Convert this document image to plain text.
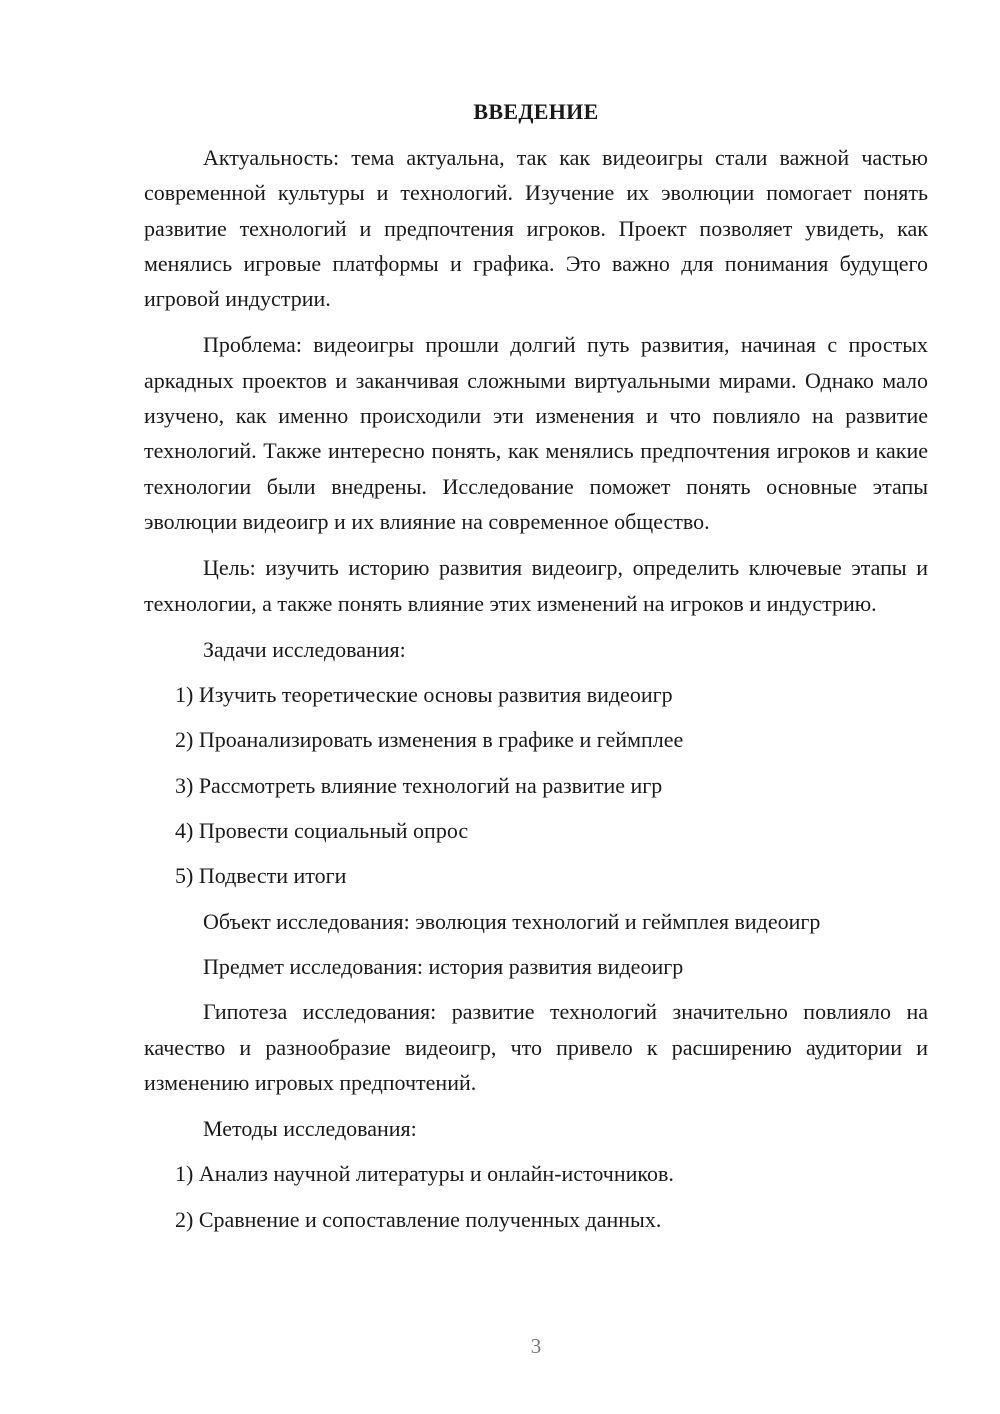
ВВЕДЕНИЕ

Актуальность: тема актуальна, так как видеоигры стали важной частью современной культуры и технологий. Изучение их эволюции помогает понять развитие технологий и предпочтения игроков. Проект позволяет увидеть, как менялись игровые платформы и графика. Это важно для понимания будущего игровой индустрии.

Проблема: видеоигры прошли долгий путь развития, начиная с простых аркадных проектов и заканчивая сложными виртуальными мирами. Однако мало изучено, как именно происходили эти изменения и что повлияло на развитие технологий. Также интересно понять, как менялись предпочтения игроков и какие технологии были внедрены. Исследование поможет понять основные этапы эволюции видеоигр и их влияние на современное общество.

Цель: изучить историю развития видеоигр, определить ключевые этапы и технологии, а также понять влияние этих изменений на игроков и индустрию.

Задачи исследования:
1) Изучить теоретические основы развития видеоигр
2) Проанализировать изменения в графике и геймплее
3) Рассмотреть влияние технологий на развитие игр
4) Провести социальный опрос
5) Подвести итоги
Объект исследования: эволюция технологий и геймплея видеоигр
Предмет исследования: история развития видеоигр

Гипотеза исследования: развитие технологий значительно повлияло на качество и разнообразие видеоигр, что привело к расширению аудитории и изменению игровых предпочтений.

Методы исследования:
1) Анализ научной литературы и онлайн-источников.
2) Сравнение и сопоставление полученных данных.
3
